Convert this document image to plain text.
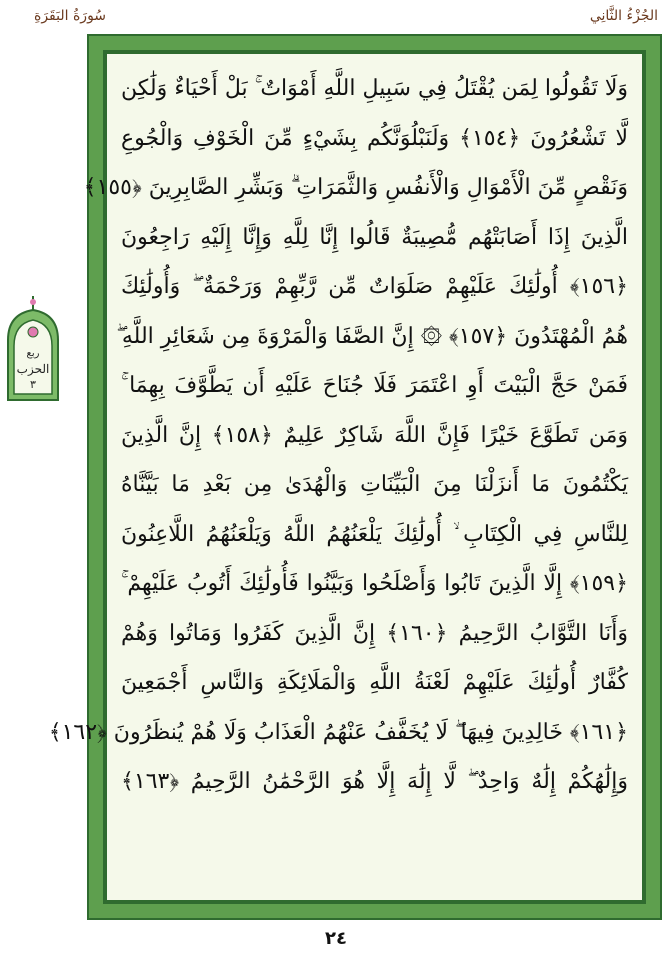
سُورَةُ البَقَرَةِ	الجُزْءُ الثَّانِي
ربع
الحزب
٣
وَلَا تَقُولُوا لِمَن يُقْتَلُ فِي سَبِيلِ اللَّهِ أَمْوَاتٌ ۚ بَلْ أَحْيَاءٌ وَلَٰكِن
لَّا تَشْعُرُونَ ﴿١٥٤﴾ وَلَنَبْلُوَنَّكُم بِشَيْءٍ مِّنَ الْخَوْفِ وَالْجُوعِ
وَنَقْصٍ مِّنَ الْأَمْوَالِ وَالْأَنفُسِ وَالثَّمَرَاتِ ۗ وَبَشِّرِ الصَّابِرِينَ ﴿١٥٥﴾
الَّذِينَ إِذَا أَصَابَتْهُم مُّصِيبَةٌ قَالُوا إِنَّا لِلَّهِ وَإِنَّا إِلَيْهِ رَاجِعُونَ
﴿١٥٦﴾ أُولَٰئِكَ عَلَيْهِمْ صَلَوَاتٌ مِّن رَّبِّهِمْ وَرَحْمَةٌ ۖ وَأُولَٰئِكَ
هُمُ الْمُهْتَدُونَ ﴿١٥٧﴾ ۞ إِنَّ الصَّفَا وَالْمَرْوَةَ مِن شَعَائِرِ اللَّهِ ۖ
فَمَنْ حَجَّ الْبَيْتَ أَوِ اعْتَمَرَ فَلَا جُنَاحَ عَلَيْهِ أَن يَطَّوَّفَ بِهِمَا ۚ
وَمَن تَطَوَّعَ خَيْرًا فَإِنَّ اللَّهَ شَاكِرٌ عَلِيمٌ ﴿١٥٨﴾ إِنَّ الَّذِينَ
يَكْتُمُونَ مَا أَنزَلْنَا مِنَ الْبَيِّنَاتِ وَالْهُدَىٰ مِن بَعْدِ مَا بَيَّنَّاهُ
لِلنَّاسِ فِي الْكِتَابِ ۙ أُولَٰئِكَ يَلْعَنُهُمُ اللَّهُ وَيَلْعَنُهُمُ اللَّاعِنُونَ
﴿١٥٩﴾ إِلَّا الَّذِينَ تَابُوا وَأَصْلَحُوا وَبَيَّنُوا فَأُولَٰئِكَ أَتُوبُ عَلَيْهِمْ ۚ
وَأَنَا التَّوَّابُ الرَّحِيمُ ﴿١٦٠﴾ إِنَّ الَّذِينَ كَفَرُوا وَمَاتُوا وَهُمْ
كُفَّارٌ أُولَٰئِكَ عَلَيْهِمْ لَعْنَةُ اللَّهِ وَالْمَلَائِكَةِ وَالنَّاسِ أَجْمَعِينَ
﴿١٦١﴾ خَالِدِينَ فِيهَا ۖ لَا يُخَفَّفُ عَنْهُمُ الْعَذَابُ وَلَا هُمْ يُنظَرُونَ ﴿١٦٢﴾
وَإِلَٰهُكُمْ إِلَٰهٌ وَاحِدٌ ۖ لَّا إِلَٰهَ إِلَّا هُوَ الرَّحْمَٰنُ الرَّحِيمُ ﴿١٦٣﴾
٢٤
